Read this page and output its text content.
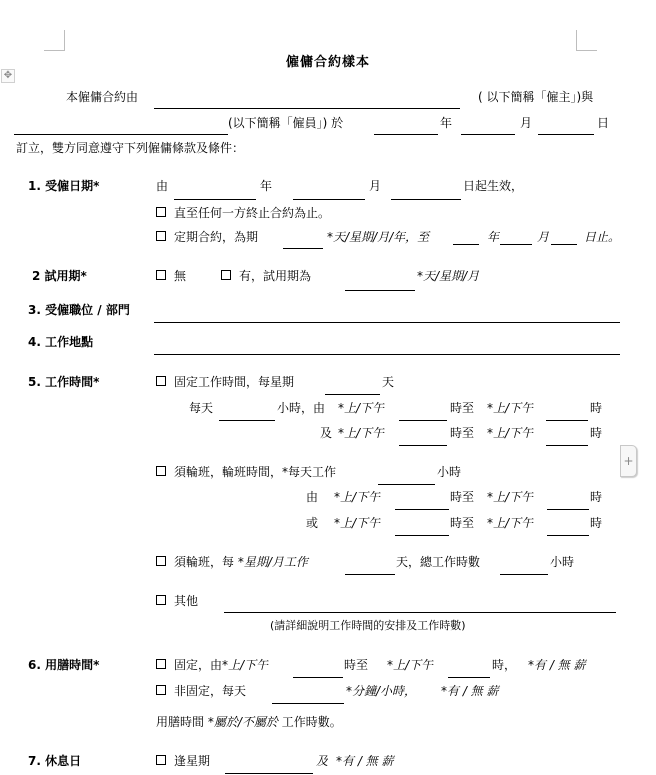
✥
+
僱傭合約樣本
本僱傭合約由	( 以下簡稱「僱主」)與
(以下簡稱「僱員」) 於	年	月	日
訂立，雙方同意遵守下列僱傭條款及條件：
1. 受僱日期*	由	年	月	日起生效，
直至任何一方終止合約為止。
定期合約，為期	*天/星期/月/年，至	年	月	日止。
2 試用期*	無	有，試用期為	*天/星期/月
3. 受僱職位 / 部門
4. 工作地點
5. 工作時間*	固定工作時間，每星期	天
每天	小時，由 *上/下午	時至 *上/下午	時
及 *上/下午	時至 *上/下午	時
須輪班，輪班時間，*每天工作	小時
由 *上/下午	時至 *上/下午	時
或 *上/下午	時至 *上/下午	時
須輪班，每 *星期/月工作	天，總工作時數	小時
其他
(請詳細說明工作時間的安排及工作時數)
6. 用膳時間*	固定，由*上/下午	時至 *上/下午	時， *有 / 無 薪
非固定，每天	*分鐘/小時， *有 / 無 薪
用膳時間 *屬於/不屬於 工作時數。
7. 休息日	逢星期	及 *有 / 無 薪
